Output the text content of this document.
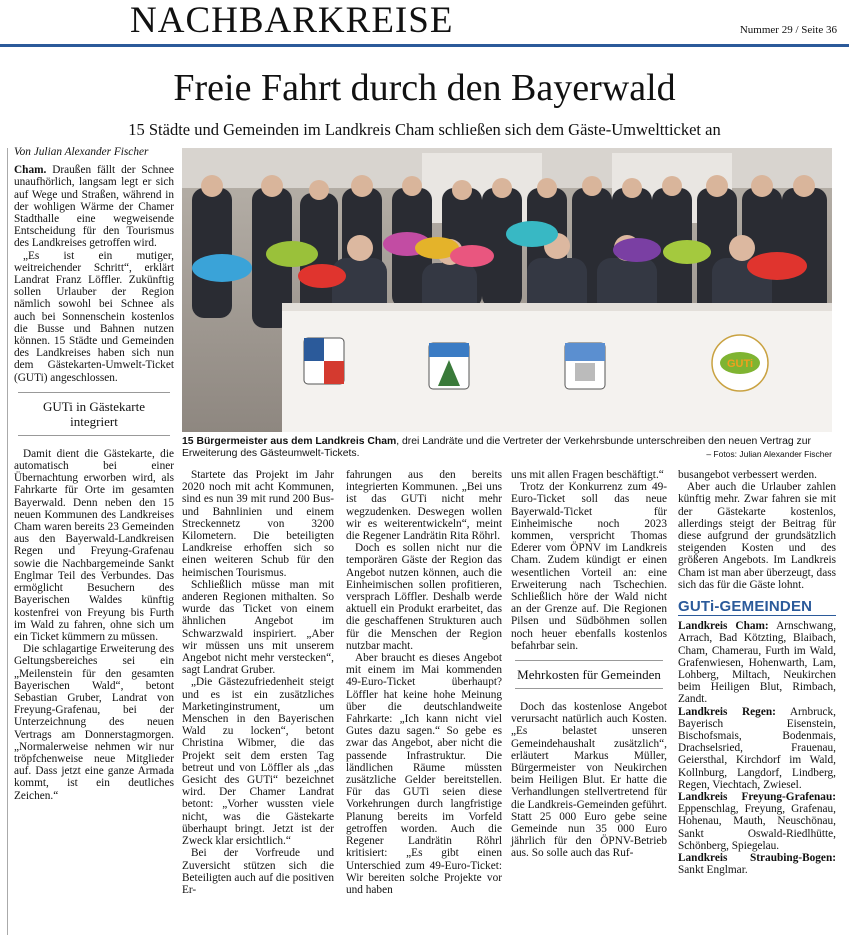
NACHBARKREISE	Nummer 29 / Seite 36
Freie Fahrt durch den Bayerwald
15 Städte und Gemeinden im Landkreis Cham schließen sich dem Gäste-Umweltticket an
Von Julian Alexander Fischer

Cham. Draußen fällt der Schnee unaufhörlich, langsam legt er sich auf Wege und Straßen, während in der wohligen Wärme der Chamer Stadthalle eine wegweisende Entscheidung für den Tourismus des Landkreises getroffen wird.

„Es ist ein mutiger, weitreichender Schritt“, erklärt Landrat Franz Löffler. Zukünftig sollen Urlauber der Region nämlich sowohl bei Schnee als auch bei Sonnenschein kostenlos die Busse und Bahnen nutzen können. 15 Städte und Gemeinden des Landkreises haben sich nun dem Gästekarten-Umwelt-Ticket (GUTi) angeschlossen.

GUTi in Gästekarte integriert

Damit dient die Gästekarte, die automatisch bei einer Übernachtung erworben wird, als Fahrkarte für Orte im gesamten Bayerwald. Denn neben den 15 neuen Kommunen des Landkreises Cham waren bereits 23 Gemeinden aus den Bayerwald-Landkreisen Regen und Freyung-Grafenau sowie die Nachbargemeinde Sankt Englmar Teil des Verbundes. Das ermöglicht Besuchern des Bayerischen Waldes künftig kostenfrei von Freyung bis Furth im Wald zu fahren, ohne sich um ein Ticket kümmern zu müssen.

Die schlagartige Erweiterung des Geltungsbereiches sei ein „Meilenstein für den gesamten Bayerischen Wald“, betont Sebastian Gruber, Landrat von Freyung-Grafenau, bei der Unterzeichnung des neuen Vertrags am Donnerstagmorgen. „Normalerweise nehmen wir nur tröpfchenweise neue Mitglieder auf. Dass jetzt eine ganze Armada kommt, ist ein deutliches Zeichen.“

GUTi
15 Bürgermeister aus dem Landkreis Cham, drei Landräte und die Vertreter der Verkehrsbunde unterschreiben den neuen Vertrag zur Erweiterung des Gästeumwelt-Tickets.	– Fotos: Julian Alexander Fischer

Startete das Projekt im Jahr 2020 noch mit acht Kommunen, sind es nun 39 mit rund 200 Bus- und Bahnlinien und einem Streckennetz von 3200 Kilometern. Die beteiligten Landkreise erhoffen sich so einen weiteren Schub für den heimischen Tourismus.

Schließlich müsse man mit anderen Regionen mithalten. So wurde das Ticket von einem ähnlichen Angebot im Schwarzwald inspiriert. „Aber wir müssen uns mit unserem Angebot nicht mehr verstecken“, sagt Landrat Gruber.

„Die Gästezufriedenheit steigt und es ist ein zusätzliches Marketinginstrument, um Menschen in den Bayerischen Wald zu locken“, betont Christina Wibmer, die das Projekt seit dem ersten Tag betreut und von Löffler als „das Gesicht des GUTi“ bezeichnet wird. Der Chamer Landrat betont: „Vorher wussten viele nicht, was die Gästekarte überhaupt bringt. Jetzt ist der Zweck klar ersichtlich.“

Bei der Vorfreude und Zuversicht stützen sich die Beteiligten auch auf die positiven Er-

fahrungen aus den bereits integrierten Kommunen. „Bei uns ist das GUTi nicht mehr wegzudenken. Deswegen wollen wir es weiterentwickeln“, meint die Regener Landrätin Rita Röhrl.

Doch es sollen nicht nur die temporären Gäste der Region das Angebot nutzen können, auch die Einheimischen sollen profitieren, versprach Löffler. Deshalb werde aktuell ein Produkt erarbeitet, das die geschaffenen Strukturen auch für die Menschen der Region nutzbar macht.

Aber braucht es dieses Angebot mit einem im Mai kommenden 49-Euro-Ticket überhaupt? Löffler hat keine hohe Meinung über die deutschlandweite Fahrkarte: „Ich kann nicht viel Gutes dazu sagen.“ So gebe es zwar das Angebot, aber nicht die passende Infrastruktur. Die ländlichen Räume müssten zusätzliche Gelder bereitstellen. Für das GUTi seien diese Vorkehrungen durch langfristige Planung bereits im Vorfeld getroffen worden. Auch die Regener Landrätin Röhrl kritisiert: „Es gibt einen Unterschied zum 49-Euro-Ticket: Wir bereiten solche Projekte vor und haben

uns mit allen Fragen beschäftigt.“

Trotz der Konkurrenz zum 49-Euro-Ticket soll das neue Bayerwald-Ticket für Einheimische noch 2023 kommen, verspricht Thomas Ederer vom ÖPNV im Landkreis Cham. Zudem kündigt er einen wesentlichen Vorteil an: eine Erweiterung nach Tschechien. Schließlich höre der Wald nicht an der Grenze auf. Die Regionen Pilsen und Südböhmen sollen noch heuer ebenfalls kostenlos befahrbar sein.

Mehrkosten für Gemeinden

Doch das kostenlose Angebot verursacht natürlich auch Kosten. „Es belastet unseren Gemeindehaushalt zusätzlich“, erläutert Markus Müller, Bürgermeister von Neukirchen beim Heiligen Blut. Er hatte die Verhandlungen stellvertretend für die Landkreis-Gemeinden geführt. Statt 25 000 Euro gebe seine Gemeinde nun 35 000 Euro jährlich für den ÖPNV-Betrieb aus. So solle auch das Ruf-

busangebot verbessert werden.

Aber auch die Urlauber zahlen künftig mehr. Zwar fahren sie mit der Gästekarte kostenlos, allerdings steigt der Beitrag für diese aufgrund der grundsätzlich steigenden Kosten und des größeren Angebots. Im Landkreis Cham ist man aber überzeugt, dass sich das für die Gäste lohnt.

GUTi-GEMEINDEN

Landkreis Cham: Arnschwang, Arrach, Bad Kötzting, Blaibach, Cham, Chamerau, Furth im Wald, Grafenwiesen, Hohenwarth, Lam, Lohberg, Miltach, Neukirchen beim Heiligen Blut, Rimbach, Zandt.

Landkreis Regen: Arnbruck, Bayerisch Eisenstein, Bischofsmais, Bodenmais, Drachselsried, Frauenau, Geiersthal, Kirchdorf im Wald, Kollnburg, Langdorf, Lindberg, Regen, Viechtach, Zwiesel.

Landkreis Freyung-Grafenau: Eppenschlag, Freyung, Grafenau, Hohenau, Mauth, Neuschönau, Sankt Oswald-Riedlhütte, Schönberg, Spiegelau.

Landkreis Straubing-Bogen: Sankt Englmar.
